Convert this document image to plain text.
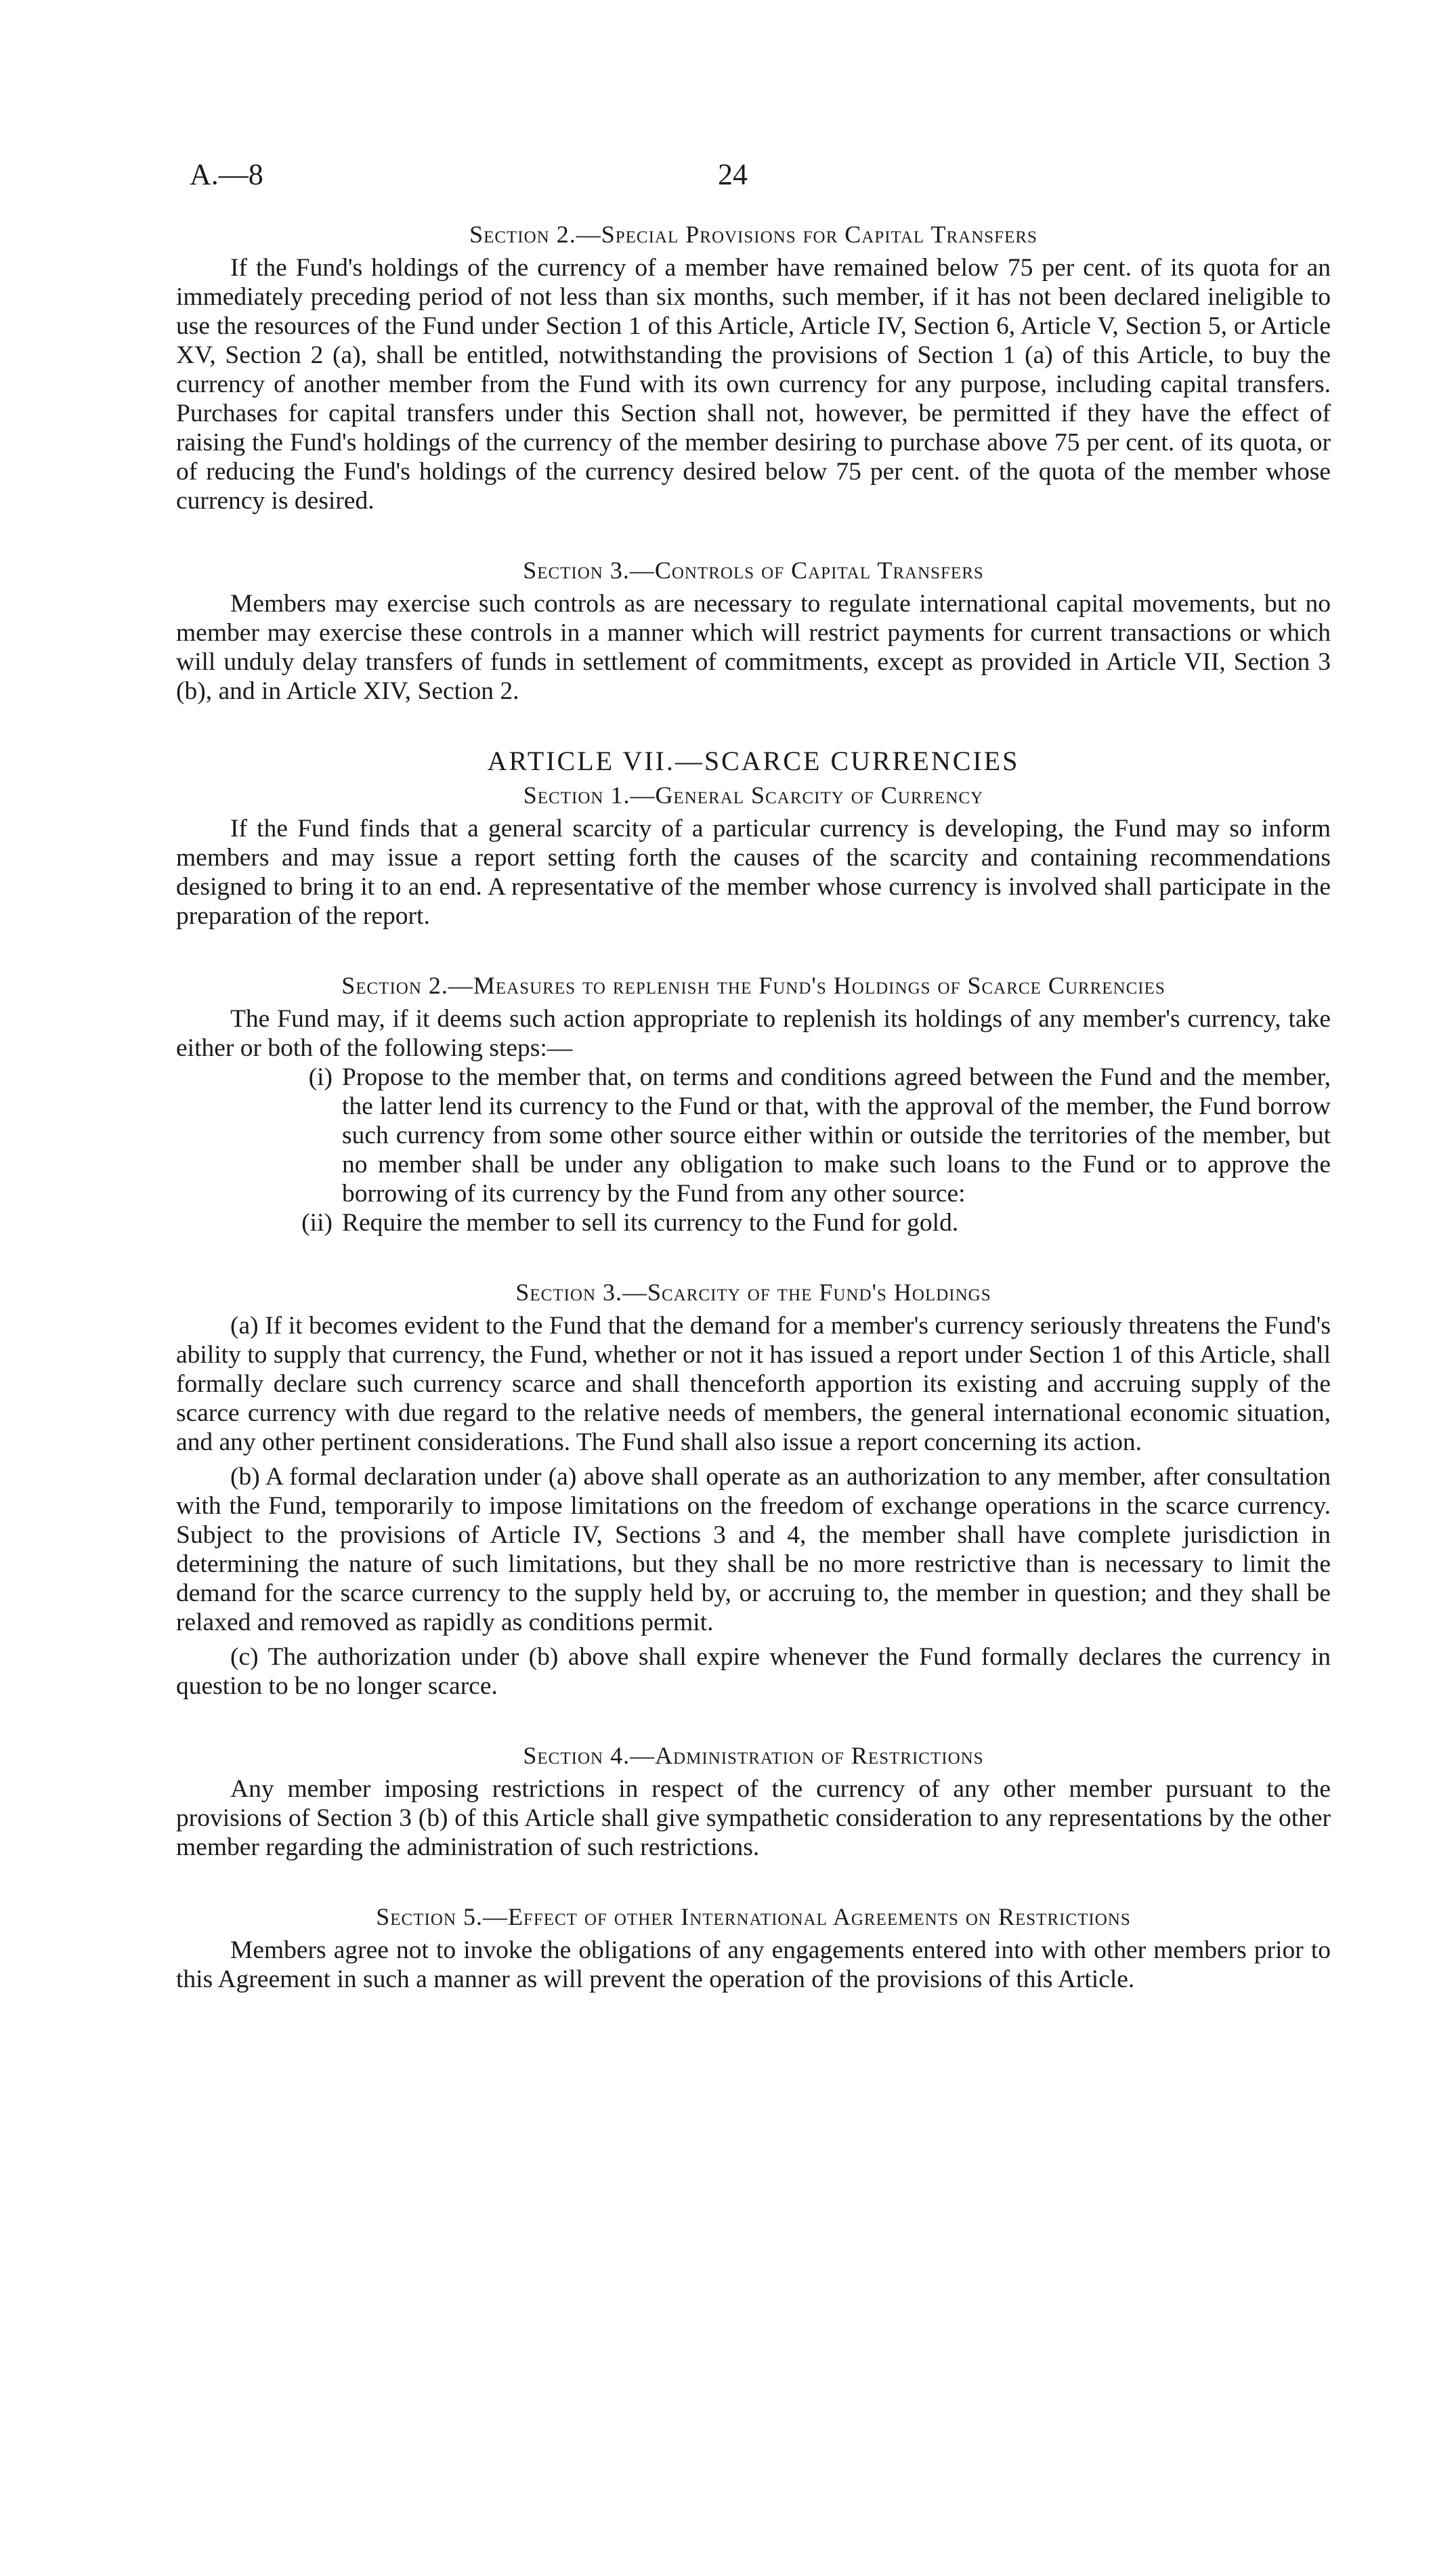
A.—8	24
Section 2.—Special Provisions for Capital Transfers

If the Fund's holdings of the currency of a member have remained below 75 per cent. of its quota for an immediately preceding period of not less than six months, such member, if it has not been declared ineligible to use the resources of the Fund under Section 1 of this Article, Article IV, Section 6, Article V, Section 5, or Article XV, Section 2 (a), shall be entitled, notwithstanding the provisions of Section 1 (a) of this Article, to buy the currency of another member from the Fund with its own currency for any purpose, including capital transfers. Purchases for capital transfers under this Section shall not, however, be permitted if they have the effect of raising the Fund's holdings of the currency of the member desiring to purchase above 75 per cent. of its quota, or of reducing the Fund's holdings of the currency desired below 75 per cent. of the quota of the member whose currency is desired.

Section 3.—Controls of Capital Transfers

Members may exercise such controls as are necessary to regulate international capital movements, but no member may exercise these controls in a manner which will restrict payments for current transactions or which will unduly delay transfers of funds in settlement of commitments, except as provided in Article VII, Section 3 (b), and in Article XIV, Section 2.

ARTICLE VII.—SCARCE CURRENCIES
Section 1.—General Scarcity of Currency

If the Fund finds that a general scarcity of a particular currency is developing, the Fund may so inform members and may issue a report setting forth the causes of the scarcity and containing recommendations designed to bring it to an end. A representative of the member whose currency is involved shall participate in the preparation of the report.

Section 2.—Measures to replenish the Fund's Holdings of Scarce Currencies

The Fund may, if it deems such action appropriate to replenish its holdings of any member's currency, take either or both of the following steps:—

(i) Propose to the member that, on terms and conditions agreed between the Fund and the member, the latter lend its currency to the Fund or that, with the approval of the member, the Fund borrow such currency from some other source either within or outside the territories of the member, but no member shall be under any obligation to make such loans to the Fund or to approve the borrowing of its currency by the Fund from any other source:
(ii) Require the member to sell its currency to the Fund for gold.
Section 3.—Scarcity of the Fund's Holdings

(a) If it becomes evident to the Fund that the demand for a member's currency seriously threatens the Fund's ability to supply that currency, the Fund, whether or not it has issued a report under Section 1 of this Article, shall formally declare such currency scarce and shall thenceforth apportion its existing and accruing supply of the scarce currency with due regard to the relative needs of members, the general international economic situation, and any other pertinent considerations. The Fund shall also issue a report concerning its action.

(b) A formal declaration under (a) above shall operate as an authorization to any member, after consultation with the Fund, temporarily to impose limitations on the freedom of exchange operations in the scarce currency. Subject to the provisions of Article IV, Sections 3 and 4, the member shall have complete jurisdiction in determining the nature of such limitations, but they shall be no more restrictive than is necessary to limit the demand for the scarce currency to the supply held by, or accruing to, the member in question; and they shall be relaxed and removed as rapidly as conditions permit.

(c) The authorization under (b) above shall expire whenever the Fund formally declares the currency in question to be no longer scarce.

Section 4.—Administration of Restrictions

Any member imposing restrictions in respect of the currency of any other member pursuant to the provisions of Section 3 (b) of this Article shall give sympathetic consideration to any representations by the other member regarding the administration of such restrictions.

Section 5.—Effect of other International Agreements on Restrictions

Members agree not to invoke the obligations of any engagements entered into with other members prior to this Agreement in such a manner as will prevent the operation of the provisions of this Article.
